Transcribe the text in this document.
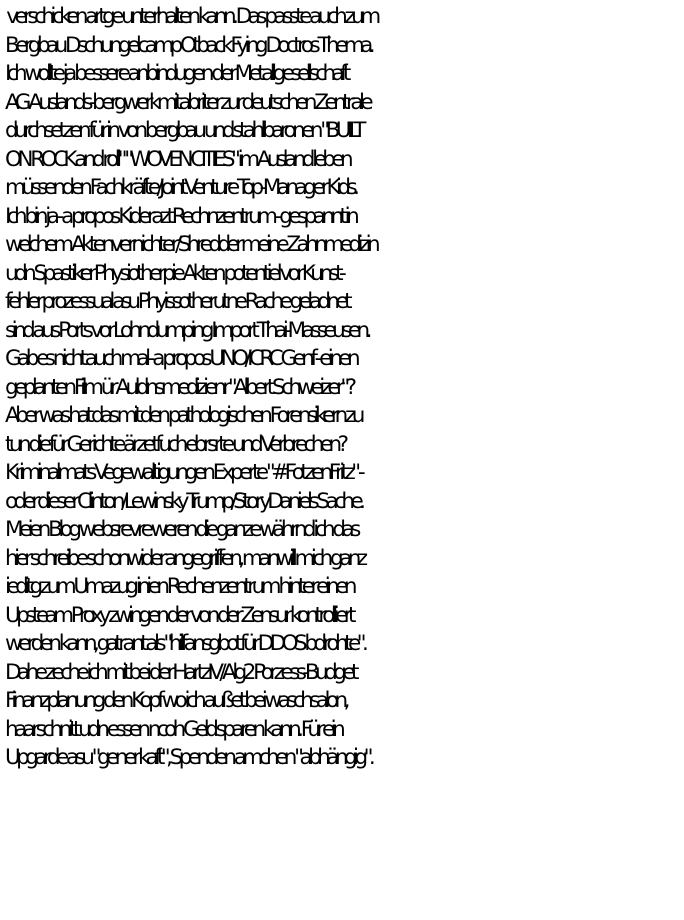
verschicken artge unterhalten kann. Das passte auch zum
Bergbau Dschungelcamp Otback Fying Doctros Thema.
Ich wollte ja bessere anbindugen der Metallgesellschaft
AG Auslands-bergwerkmitabriter zur deutschen Zentrale
durchsetzen für in von bergbau und stahlbaronen "BUILT
ON ROCK and roll" "WOVEN CITIES" im Ausland leben
müssenden Fachkräfte/JointVenture Top-Manager Kids.
Ich bin ja - a propos Kiderazt Rechnzentrum - gespannt in
welchem Aktenvernichter/Shredder meine Zahnmedizin
udn Spastiker Physiotherpie Akten potentiel vor Kunst-
fehler prozessual asu Phyissotherutne Rache geladnet
sind aus Ports vor Lohndumping Import Thai-Masseusen.
Gab es nicht auch mal - a propos UNO/ICRC Genf - einen
geplanten Film ür Auldnsmedizienr "Albert Schweizer"?
Aber was hat das mit den pathologischen Forensikern zu
tun die für Gerichte ärzetfuch ebrsrte und Verbrechen?
Kriminalmats Vegewaltigungen Experte "#FotzenFritz" -
oder dieser Clinton/Lewinsky Trump/StoryDaniels Sache.
Meien Blog websrevre weren die ganze währnd ich das
hier schreibe schonwider angegriffen, manwill mich ganz
ieditg zum Umazug inien Rechenzentrum hinter einen
Upsteam Proxy zwingen der von der Zensur kontrolliert
werden kann, gatrant als "hilfansgbot für DDOS bdrohte".
Dahe zeche ich mit bei der HartzIV/Alg2 Porzess-Budget
Finanzplanung den Kopf wo ich außet bei waschsalon,
haarschnitt udn essen ncoh Geld sparen kann. Für ein
Upgarde asu "gener kaft", Spenden amchen "abhängig".
